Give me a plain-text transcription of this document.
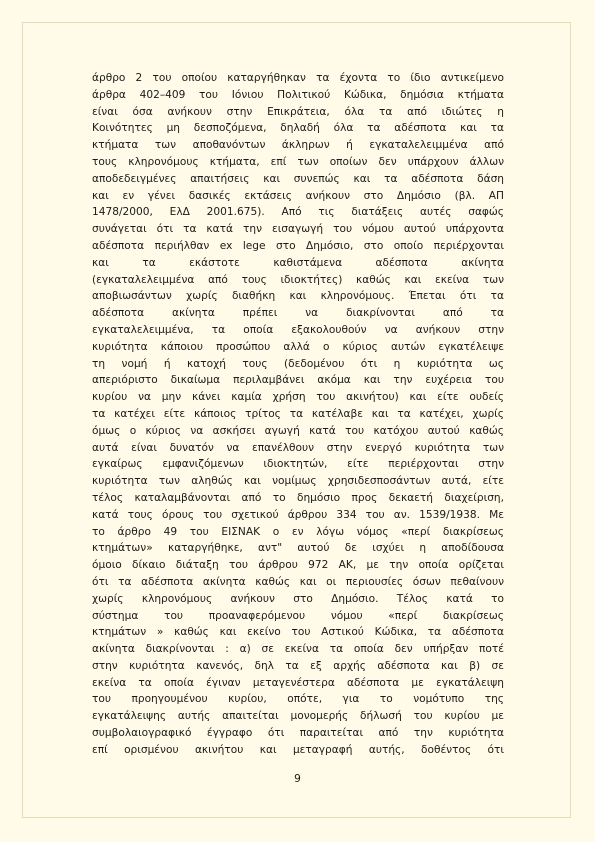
άρθρο 2 του οποίου καταργήθηκαν τα έχοντα το ίδιο αντικείμενο
άρθρα 402–409 του Ιόνιου Πολιτικού Κώδικα, δημόσια κτήματα
είναι όσα ανήκουν στην Επικράτεια, όλα τα από ιδιώτες η
Κοινότητες μη δεσποζόμενα, δηλαδή όλα τα αδέσποτα και τα
κτήματα των αποθανόντων άκληρων ή εγκαταλελειμμένα από
τους κληρονόμους κτήματα, επί των οποίων δεν υπάρχουν άλλων
αποδεδειγμένες απαιτήσεις και συνεπώς και τα αδέσποτα δάση
και εν γένει δασικές εκτάσεις ανήκουν στο Δημόσιο (βλ. ΑΠ
1478/2000, ΕλΔ 2001.675). Από τις διατάξεις αυτές σαφώς
συνάγεται ότι τα κατά την εισαγωγή του νόμου αυτού υπάρχοντα
αδέσποτα περιήλθαν ex lege στο Δημόσιο, στο οποίο περιέρχονται
και τα εκάστοτε καθιστάμενα αδέσποτα ακίνητα
(εγκαταλελειμμένα από τους ιδιοκτήτες) καθώς και εκείνα των
αποβιωσάντων χωρίς διαθήκη και κληρονόμους. Έπεται ότι τα
αδέσποτα ακίνητα πρέπει να διακρίνονται από τα
εγκαταλελειμμένα, τα οποία εξακολουθούν να ανήκουν στην
κυριότητα κάποιου προσώπου αλλά ο κύριος αυτών εγκατέλειψε
τη νομή ή κατοχή τους (δεδομένου ότι η κυριότητα ως
απεριόριστο δικαίωμα περιλαμβάνει ακόμα και την ευχέρεια του
κυρίου να μην κάνει καμία χρήση του ακινήτου) και είτε ουδείς
τα κατέχει είτε κάποιος τρίτος τα κατέλαβε και τα κατέχει, χωρίς
όμως ο κύριος να ασκήσει αγωγή κατά του κατόχου αυτού καθώς
αυτά είναι δυνατόν να επανέλθουν στην ενεργό κυριότητα των
εγκαίρως εμφανιζόμενων ιδιοκτητών, είτε περιέρχονται στην
κυριότητα των αληθώς και νομίμως χρησιδεσποσάντων αυτά, είτε
τέλος καταλαμβάνονται από το δημόσιο προς δεκαετή διαχείριση,
κατά τους όρους του σχετικού άρθρου 334 του αν. 1539/1938. Με
το άρθρο 49 του ΕΙΣΝΑΚ ο εν λόγω νόμος «περί διακρίσεως
κτημάτων» καταργήθηκε, αντ" αυτού δε ισχύει η αποδίδουσα
όμοιο δίκαιο διάταξη του άρθρου 972 ΑΚ, με την οποία ορίζεται
ότι τα αδέσποτα ακίνητα καθώς και οι περιουσίες όσων πεθαίνουν
χωρίς κληρονόμους ανήκουν στο Δημόσιο. Τέλος κατά το
σύστημα του προαναφερόμενου νόμου «περί διακρίσεως
κτημάτων » καθώς και εκείνο του Αστικού Κώδικα, τα αδέσποτα
ακίνητα διακρίνονται : α) σε εκείνα τα οποία δεν υπήρξαν ποτέ
στην κυριότητα κανενός, δηλ τα εξ αρχής αδέσποτα και β) σε
εκείνα τα οποία έγιναν μεταγενέστερα αδέσποτα με εγκατάλειψη
του προηγουμένου κυρίου, οπότε, για το νομότυπο της
εγκατάλειψης αυτής απαιτείται μονομερής δήλωσή του κυρίου με
συμβολαιογραφικό έγγραφο ότι παραιτείται από την κυριότητα
επί ορισμένου ακινήτου και μεταγραφή αυτής, δοθέντος ότι
9
